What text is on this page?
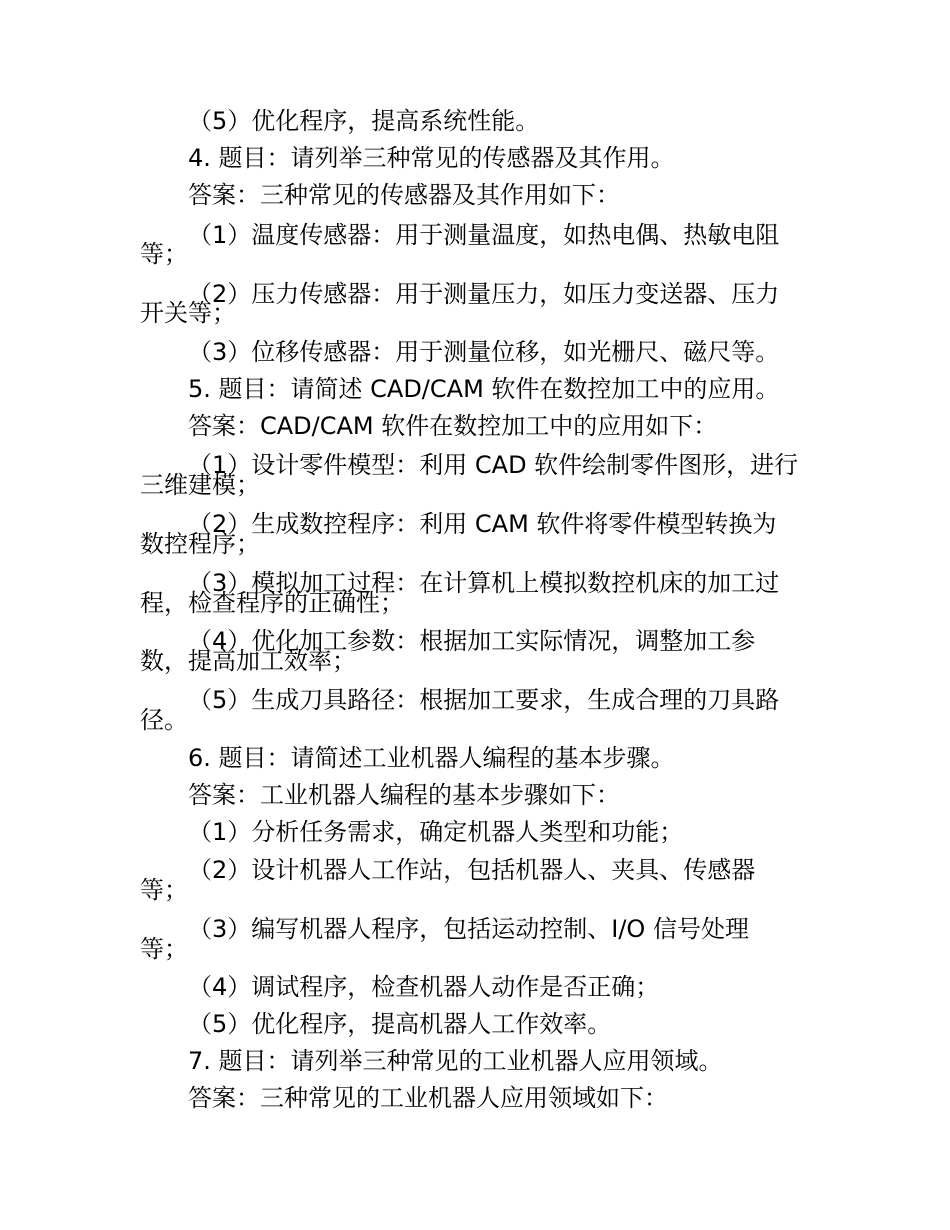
（5）优化程序，提高系统性能。

4. 题目：请列举三种常见的传感器及其作用。

答案：三种常见的传感器及其作用如下：

（1）温度传感器：用于测量温度，如热电偶、热敏电阻

等；

（2）压力传感器：用于测量压力，如压力变送器、压力

开关等；

（3）位移传感器：用于测量位移，如光栅尺、磁尺等。

5. 题目：请简述 CAD/CAM 软件在数控加工中的应用。

答案：CAD/CAM 软件在数控加工中的应用如下：

（1）设计零件模型：利用 CAD 软件绘制零件图形，进行

三维建模；

（2）生成数控程序：利用 CAM 软件将零件模型转换为

数控程序；

（3）模拟加工过程：在计算机上模拟数控机床的加工过

程，检查程序的正确性；

（4）优化加工参数：根据加工实际情况，调整加工参

数，提高加工效率；

（5）生成刀具路径：根据加工要求，生成合理的刀具路

径。

6. 题目：请简述工业机器人编程的基本步骤。

答案：工业机器人编程的基本步骤如下：

（1）分析任务需求，确定机器人类型和功能；

（2）设计机器人工作站，包括机器人、夹具、传感器

等；

（3）编写机器人程序，包括运动控制、I/O 信号处理

等；

（4）调试程序，检查机器人动作是否正确；

（5）优化程序，提高机器人工作效率。

7. 题目：请列举三种常见的工业机器人应用领域。

答案：三种常见的工业机器人应用领域如下：
